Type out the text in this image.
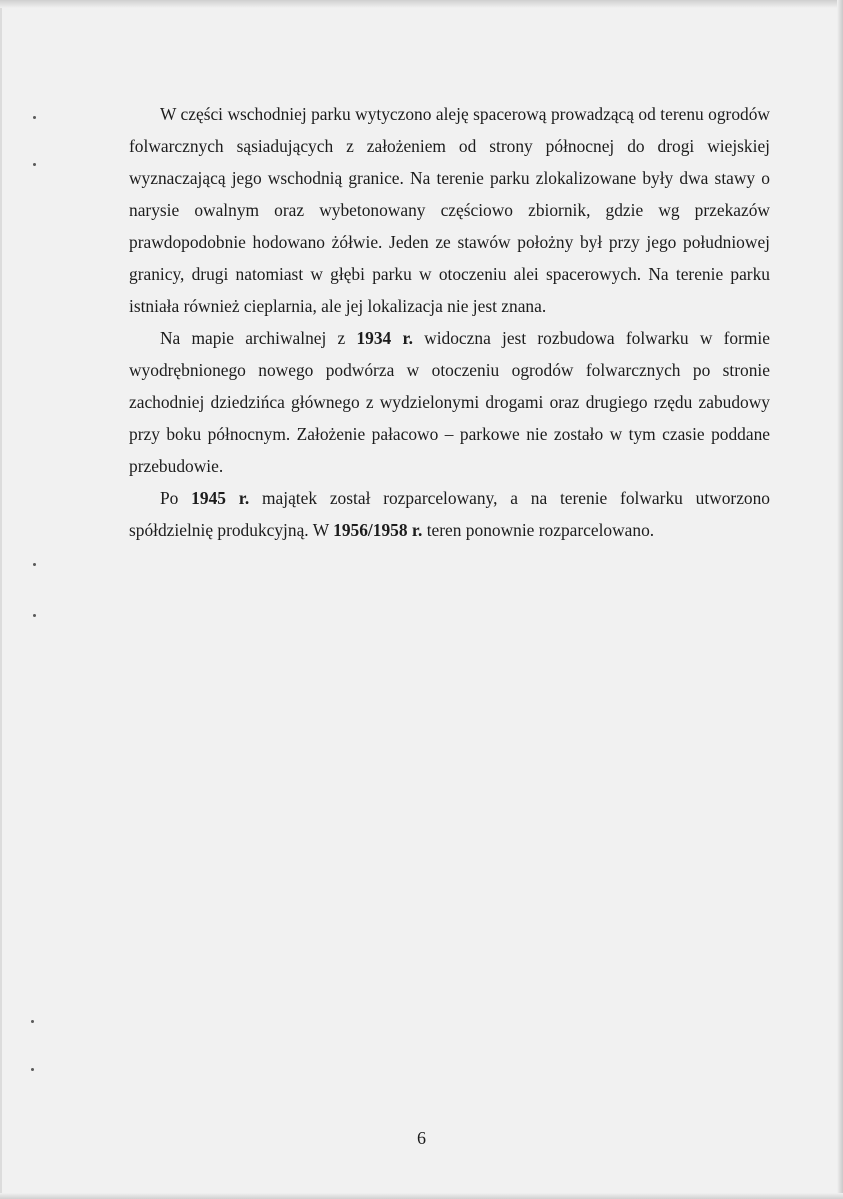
W części wschodniej parku wytyczono aleję spacerową prowadzącą od terenu ogrodów folwarcznych sąsiadujących z założeniem od strony północnej do drogi wiejskiej wyznaczającą jego wschodnią granice. Na terenie parku zlokalizowane były dwa stawy o narysie owalnym oraz wybetonowany częściowo zbiornik, gdzie wg przekazów prawdopodobnie hodowano żółwie. Jeden ze stawów położny był przy jego południowej granicy, drugi natomiast w głębi parku w otoczeniu alei spacerowych. Na terenie parku istniała również cieplarnia, ale jej lokalizacja nie jest znana.

Na mapie archiwalnej z 1934 r. widoczna jest rozbudowa folwarku w formie wyodrębnionego nowego podwórza w otoczeniu ogrodów folwarcznych po stronie zachodniej dziedzińca głównego z wydzielonymi drogami oraz drugiego rzędu zabudowy przy boku północnym. Założenie pałacowo – parkowe nie zostało w tym czasie poddane przebudowie.

Po 1945 r. majątek został rozparcelowany, a na terenie folwarku utworzono spółdzielnię produkcyjną. W 1956/1958 r. teren ponownie rozparcelowano.

6
